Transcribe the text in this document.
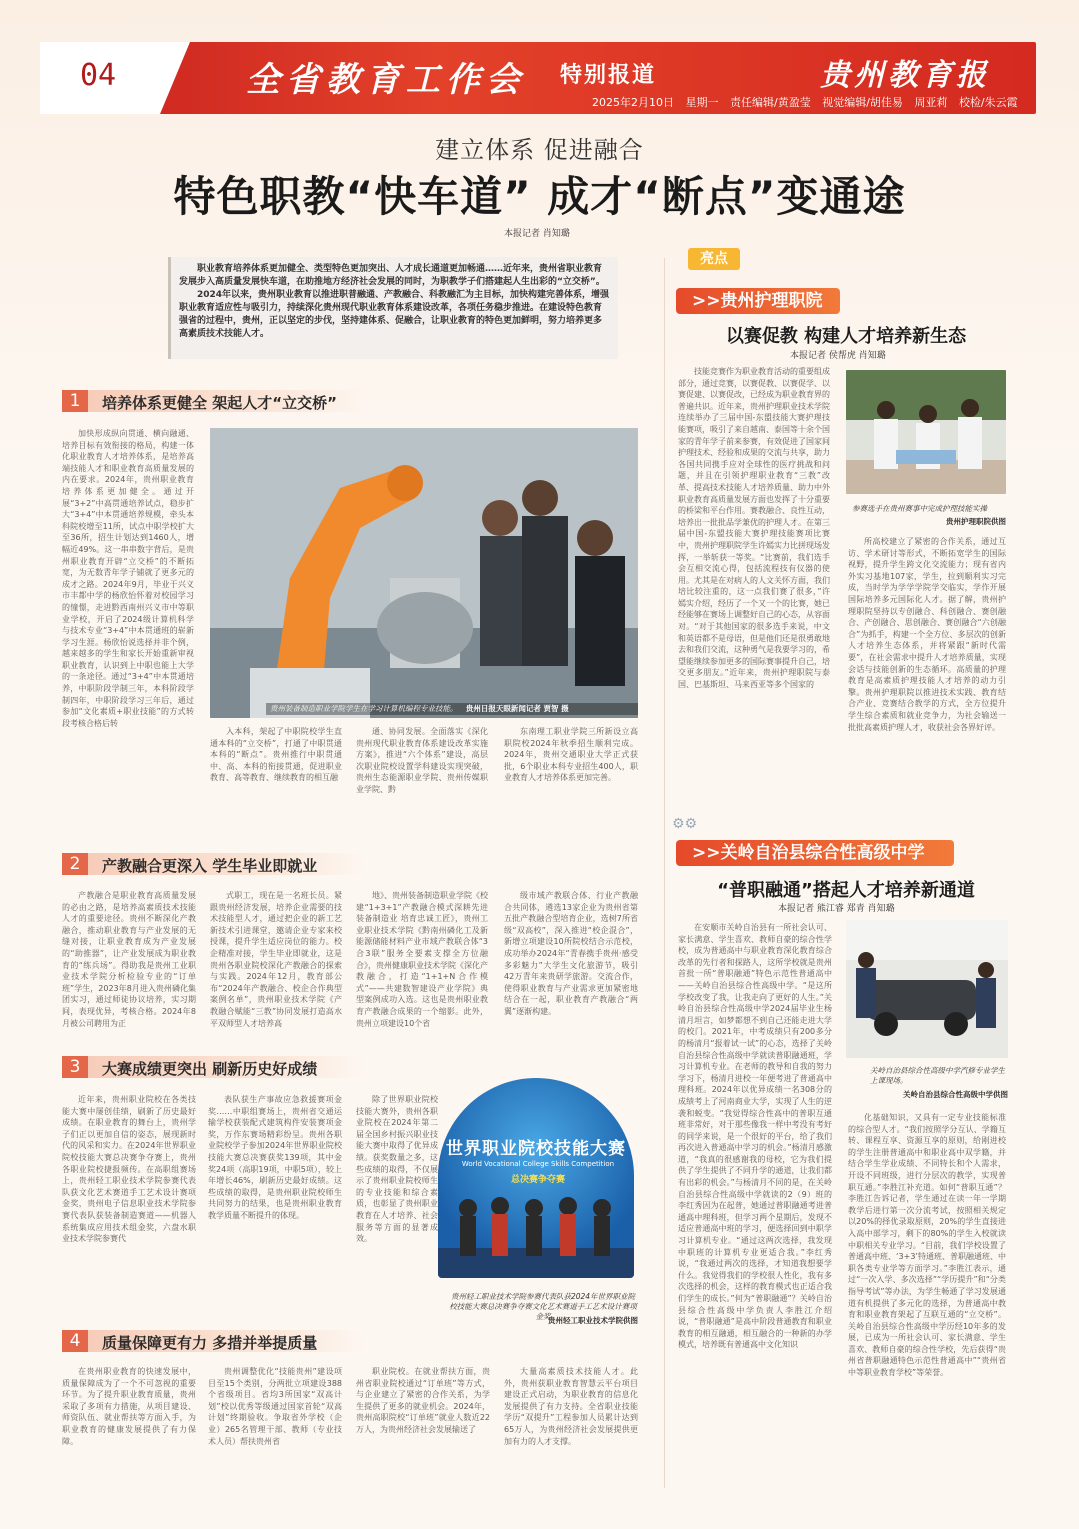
04	全省教育工作会 特别报道	贵州教育报
2025年2月10日 星期一 责任编辑/黄盈莹 视觉编辑/胡佳易 周亚莉 校检/朱云霞
建立体系 促进融合
特色职教“快车道” 成才“断点”变通途
本报记者 肖知璐

职业教育培养体系更加健全、类型特色更加突出、人才成长通道更加畅通……近年来，贵州省职业教育发展步入高质量发展快车道，在助推地方经济社会发展的同时，为职教学子们搭建起人生出彩的“立交桥”。

2024年以来，贵州职业教育以推进职普融通、产教融合、科教融汇为主目标，加快构建完善体系，增强职业教育适应性与吸引力，持续深化贵州现代职业教育体系建设改革，各项任务稳步推进。在建设特色教育强省的过程中，贵州，正以坚定的步伐，坚持建体系、促融合，让职业教育的特色更加鲜明，努力培养更多高素质技术技能人才。

1	培养体系更健全 架起人才“立交桥”
加快形成纵向贯通、横向融通、培养目标有效衔接的格局，构建一体化职业教育人才培养体系，是培养高端技能人才和职业教育高质量发展的内在要求。2024年，贵州职业教育培养体系更加健全。通过开展“3+2”中高贯通培养试点，稳步扩大“3+4”中本贯通培养规模，牵头本科院校增至11所，试点中职学校扩大至36所，招生计划达到1460人，增幅近49%。这一串串数字背后，是贵州职业教育开辟“立交桥”的不断拓宽，为无数青年学子铺就了更多元的成才之路。2024年9月，毕业于兴义市丰都中学的杨欣怡怀着对校园学习的憧憬，走进黔西南州兴义市中等职业学校，开启了2024级计算机科学与技术专业“3+4”中本贯通班的崭新学习生涯。杨欣怡说选择并非个例，越来越多的学生和家长开始重新审视职业教育，认识到上中职也能上大学的一条途径。通过“3+4”中本贯通培养，中职阶段学制三年，本科阶段学制四年，中职阶段学习三年后，通过参加“文化素质+职业技能”的方式转段考核合格后转
贵州装备制造职业学院学生在学习计算机编程专业技能。 贵州日报天眼新闻记者 贾智 摄
入本科，架起了中职院校学生直通本科的“立交桥”，打通了中职贯通本科的“断点”。贵州推行中职贯通中、高、本科的衔接贯通，促进职业教育、高等教育、继续教育的相互融
通、协同发展。全面落实《深化贵州现代职业教育体系建设改革实施方案》，推进“六个体系”建设，高层次职业院校设置学科建设实现突破，贵州生态能源职业学院、贵州传媒职业学院、黔
东南理工职业学院三所新设立高职院校2024年秋季招生顺利完成。2024年，贵州交通职业大学正式获批，6个职业本科专业招生400人，职业教育人才培养体系更加完善。
2	产教融合更深入 学生毕业即就业
产教融合是职业教育高质量发展的必由之路，是培养高素质技术技能人才的重要途径。贵州不断深化产教融合，推动职业教育与产业发展的无缝对接，让职业教育成为产业发展的“助推器”，让产业发展成为职业教育的“练兵场”。得助我是贵州工业职业技术学院分析检验专业的“订单班”学生，2023年8月进入贵州磷化集团实习，通过师徒协议培养，实习期间，表现优异，考核合格。2024年8月被公司聘用为正
式职工，现在是一名班长员。紧跟贵州经济发展，培养企业需要的技术技能型人才，通过把企业的新工艺新技术引进课堂，邀请企业专家来校授课，提升学生适应岗位的能力。校企精准对接，学生毕业即就业，这是贵州各职业院校深化产教融合的探索与实践。2024年12月，教育部公布“2024年产教融合、校企合作典型案例名单”，贵州职业技术学院《产教融合赋能“三教”协同发展打造高水平双师型人才培养高
地》、贵州装备制造职业学院《校建“1+3+1”产教融合模式深耕先进装备制造业 培育忠诚工匠》，贵州工业职业技术学院《黔南州磷化工及新能源储能材料产业市域产教联合体“3合3联”服务全要素支撑全方位融合》，贵州健康职业技术学院《深化产教融合，打造“1+1+N合作模式”——共建数智建设产业学院》典型案例成功入选。这也是贵州职业教育产教融合成果的一个缩影。此外，贵州立项建设10个省
级市域产教联合体、行业产教融合共同体，遴选13家企业为贵州省第五批产教融合型培育企业，选树7所省级“双高校”，深入推进“校企混合”，新增立项建设10所院校结合示范校，成功举办2024年“青春携手贵州·感受多彩魅力”大学生文化旅游节，吸引42万青年来贵研学旅游。交流合作，使得职业教育与产业需求更加紧密地结合在一起，职业教育产教融合“两翼”逐渐构建。
3	大赛成绩更突出 刷新历史好成绩
近年来，贵州职业院校在各类技能大赛中屡创佳绩，刷新了历史最好成绩。在职业教育的舞台上，贵州学子们正以更加自信的姿态，展现新时代的风采和实力。在2024年世界职业院校技能大赛总决赛争夺赛上，贵州各职业院校捷报频传。在高职组赛场上，贵州轻工职业技术学院参赛代表队获文化艺术赛道手工艺术设计赛项金奖，贵州电子信息职业技术学院参赛代表队获装备制造赛道——机器人系统集成应用技术组金奖，六盘水职业技术学院参赛代
表队获生产事故应急救援赛项金奖……中职组赛场上，贵州省交通运输学校获装配式建筑构件安装赛项金奖，万作东赛场精彩纷呈。贵州各职业院校学子参加2024年世界职业院校技能大赛总决赛获奖139项，其中金奖24项（高职19项，中职5项），较上年增长46%，刷新历史最好成绩。这些成绩的取得，是贵州职业院校师生共同努力的结果，也是贵州职业教育教学质量不断提升的体现。
除了世界职业院校技能大赛外，贵州各职业院校在2024年第二届全国乡村振兴职业技能大赛中取得了优异成绩。获奖数量之多，这些成绩的取得，不仅展示了贵州职业院校师生的专业技能和综合素质，也彰显了贵州职业教育在人才培养、社会服务等方面的显著成效。
世界职业院校技能大赛
World Vocational College Skills Competition
总决赛争夺赛
贵州轻工职业技术学院参赛代表队获2024年世界职业院校技能大赛总决赛争夺赛文化艺术赛道手工艺术设计赛项金奖
贵州轻工职业技术学院供图
4	质量保障更有力 多措并举提质量
在贵州职业教育的快速发展中，质量保障成为了一个不可忽视的重要环节。为了提升职业教育质量，贵州采取了多项有力措施，从项目建设、师资队伍、就业帮扶等方面入手，为职业教育的健康发展提供了有力保障。
贵州调整优化“技能贵州”建设项目至15个类别，分两批立项建设388个省级项目。省均3所国家“双高计划”校以优秀等级通过国家首轮“双高计划”终期验收。争取省外学校（企业）265名管理干部、教师（专业技术人员）帮扶贵州省
职业院校。在就业帮扶方面，贵州省职业院校通过“订单班”等方式，与企业建立了紧密的合作关系，为学生提供了更多的就业机会。2024年，贵州高职院校“订单班”就业人数近22万人，为贵州经济社会发展输送了
大量高素质技术技能人才。此外，贵州获职业教育智慧云平台项目建设正式启动，为职业教育的信息化发展提供了有力支持。全省职业技能学历“双提升”工程参加人员累计达到65万人，为贵州经济社会发展提供更加有力的人才支撑。
亮点
>>贵州护理职院
以赛促教 构建人才培养新生态
本报记者 侯帮虎 肖知璐
技能竞赛作为职业教育活动的重要组成部分，通过竞赛，以赛促教、以赛促学、以赛促建、以赛促改，已经成为职业教育界的普遍共识。近年来，贵州护理职业技术学院连续举办了三届中国-东盟技能大赛护理技能赛项，吸引了来自越南、泰国等十余个国家的青年学子前来参赛，有效促进了国家间护理技术、经验和成果的交流与共享，助力各国共同携手应对全球性的医疗挑战和问题，并且在引领护理职业教育“三教”改革、提高技术技能人才培养质量、助力中外职业教育高质量发展方面也发挥了十分重要的桥梁和平台作用。赛教融合、良性互动，培养出一批批品学兼优的护理人才。在第三届中国-东盟技能大赛护理技能赛项比赛中，贵州护理职院学生许嫣实力比拼现场发挥，一举斩获一等奖。“比赛前，我们选手会互相交流心得，包括流程技有仪器的使用。尤其是在对病人的人文关怀方面，我们培比较注重的，这一点我们赛了很多，”许嫣实介绍，经历了一个又一个的比赛，她已经能够在赛场上调整好自己的心态，从容面对。“对于其他国家的很多选手来说，中文和英语都不是母语，但是他们还是很勇敢地去和我们交流，这种勇气是我要学习的，希望能继续参加更多的国际赛事提升自己，培交更多朋友。”近年来，贵州护理职院与泰国、巴基斯坦、马来西亚等多个国家的
参赛选手在贵州赛事中完成护理技能实操
贵州护理职院供图
所高校建立了紧密的合作关系，通过互访、学术研讨等形式，不断拓宽学生的国际视野，提升学生跨文化交流能力；现有省内外实习基地107家，学生，拉到顺利实习完成，当时学为学学学院学交临实，学作开展国际培养多元国际化人才。据了解，贵州护理职院坚持以专创融合、科创融合、赛创融合、产创融合、思创融合、赛创融合“六创融合”为抓手，构建一个全方位、多层次的创新人才培养生态体系，并将紧跟“新时代需要”，在社会需求中提升人才培养质量，实现会话与技能创新的生态循环。高质量的护理教育是高素质护理技能人才培养的动力引擎。贵州护理职院以推进技术实践、教育结合产业、竞赛结合教学的方式，全方位提升学生综合素质和就业竞争力，为社会输送一批批高素质护理人才，收获社会各界好评。
⚙⚙
>>关岭自治县综合性高级中学
“普职融通”搭起人才培养新通道
本报记者 熊江睿 郑青 肖知璐
在安顺市关岭自治县有一所社会认可、家长满意、学生喜欢、教师自豪的综合性学校，成为普通高中与职业教育深化教育综合改革的先行者和探路人，这所学校就是贵州首批一所“普职融通”特色示范性普通高中——关岭自治县综合性高级中学。“是这所学校改变了我，让我走向了更好的人生。”关岭自治县综合性高级中学2024届毕业生杨清月坦言，如梦都想不到自己还能走进大学的校门。2021年，中考成绩只有200多分的杨清月“报着试一试”的心态，选择了关岭自治县综合性高级中学就读普职融通班，学习计算机专业。在老师的教导和自我的努力学习下，杨清月进校一年便考进了普通高中理科班。2024年以优异成绩一名308分的成绩考上了河南商业大学，实现了人生的逆袭和蜕变。“我觉得综合性高中的普职互通班非常好，对于那些像我一样中考没有考好的同学来说，是一个很好的平台，给了我们再次进入普通高中学习的机会。”杨清月感激道，“我真的很感谢我的母校，它为我们提供了学生提供了不同升学的通道，让我们都有出彩的机会。”与杨清月不同的是，在关岭自治县综合性高级中学就读的2（9）班的李红秀因为在起普，她通过普职融通考进普通高中理科班，但学习两个星期后，发现不适应普通高中班的学习，便选择回到中职学习计算机专业。“通过这两次选择，我发现中职班的计算机专业更适合我。”李红秀说，“我通过两次的选择，才知道我想要学什么。我觉得我们的学校很人性化，我有多次选择的机会，这样的教育模式也正适合我们学生的成长。”何为“普职融通”？关岭自治县综合性高级中学负责人李胜江介绍说，“普职融通”是高中阶段普通教育和职业教育的相互融通，相互融合的一种新的办学模式，培养既有普通高中文化知识
关岭自治县综合性高级中学汽修专业学生上课现场。
关岭自治县综合性高级中学供图
化基础知识，又具有一定专业技能标准的综合型人才。“我们按照学分互认、学籍互转、课程互享、资源互享的原则，给刚进校的学生注册普通高中和职业高中双学籍，并结合学生学业成绩、不同特长和个人需求，开设不同班级，进行分层次的教学，实现普职互通。”李胜江补充道。如何“普职互通”？李胜江告诉记者，学生通过在读一年一学期教学后进行第一次分流考试，按照相关规定以20%的择优录取原则，20%的学生直接进入高中部学习，剩下的80%的学生入校就读中职相关专业学习。“目前，我们学校设置了普通高中班、‘3+3’特通班、普职融通班、中职各类专业学等方面学习。”李胜江表示，通过“一次入学、多次选择”“学历提升”和“分类指导考试”等办法，为学生畅通了学习发展通道有机提供了多元化的选择，为普通高中教育和职业教育架起了互联互通的“立交桥”。关岭自治县综合性高级中学历经10年多的发展，已成为一所社会认可、家长满意、学生喜欢、教师自豪的综合性学校，先后获得“贵州省普职融通特色示范性普通高中”“贵州省中等职业教育学校”等荣誉。
